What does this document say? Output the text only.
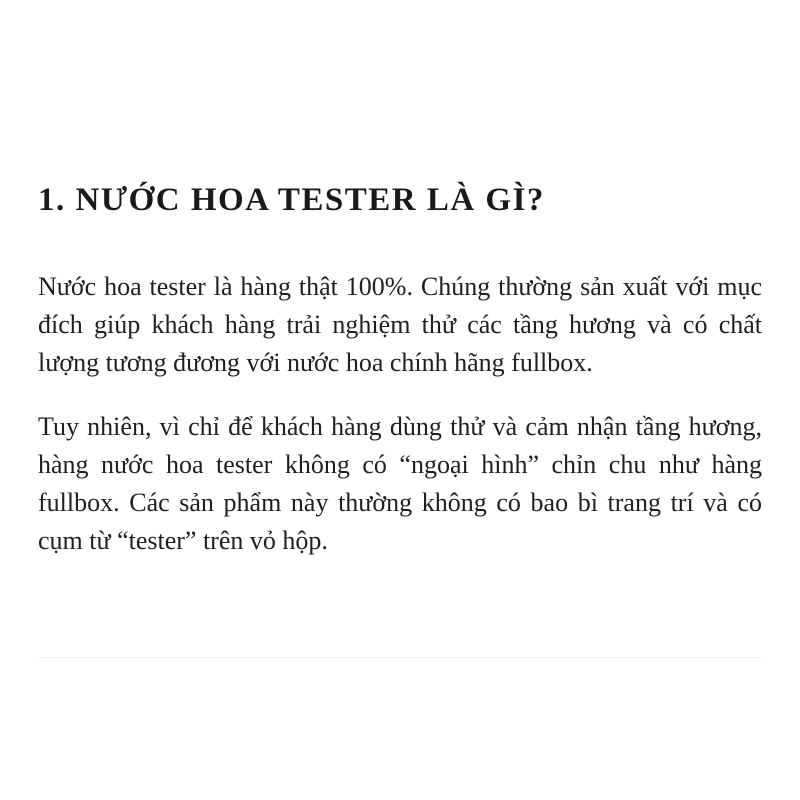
1. NƯỚC HOA TESTER LÀ GÌ?

Nước hoa tester là hàng thật 100%. Chúng thường sản xuất với mục đích giúp khách hàng trải nghiệm thử các tầng hương và có chất lượng tương đương với nước hoa chính hãng fullbox.

Tuy nhiên, vì chỉ để khách hàng dùng thử và cảm nhận tầng hương, hàng nước hoa tester không có “ngoại hình” chỉn chu như hàng fullbox. Các sản phẩm này thường không có bao bì trang trí và có cụm từ “tester” trên vỏ hộp.
